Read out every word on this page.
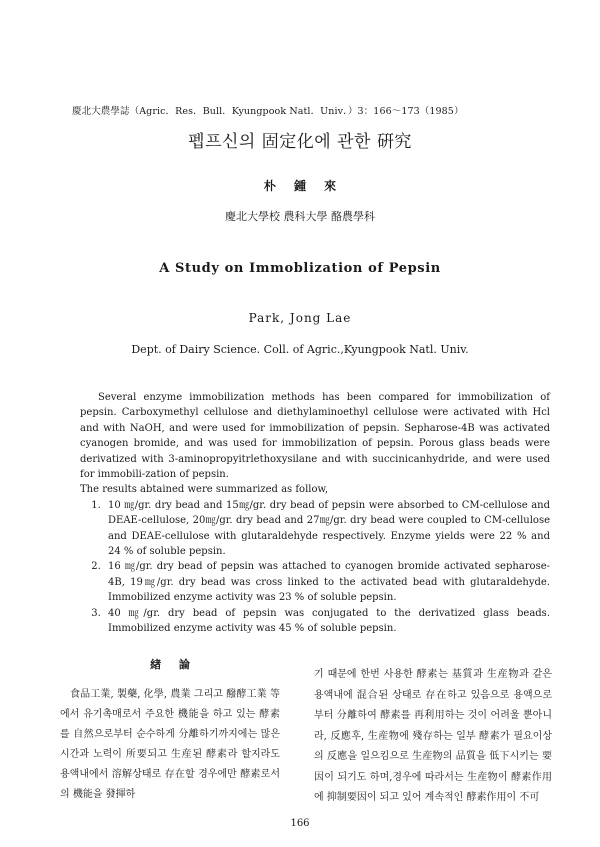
慶北大農學誌（Agric．Res．Bull．Kyungpook Natl．Univ．）3：166～173（1985）
펩프신의 固定化에 관한 硏究
朴 鍾 來
慶北大學校 農科大學 酪農學科
A Study on Immoblization of Pepsin
Park, Jong Lae
Dept. of Dairy Science. Coll. of Agric.,Kyungpook Natl. Univ.

Several enzyme immobilization methods has been compared for immobilization of pepsin. Carboxymethyl cellulose and diethylaminoethyl cellulose were activated with Hcl and with NaOH, and were used for immobilization of pepsin. Sepharose-4B was activated cyanogen bromide, and was used for immobilization of pepsin. Porous glass beads were derivatized with 3-aminopropyitrlethoxysilane and with succinicanhydride, and were used for immobili-zation of pepsin.

The results abtained were summarized as follow,

1. 10 ㎎/gr. dry bead and 15㎎/gr. dry bead of pepsin were absorbed to CM-cellulose and DEAE-cellulose, 20㎎/gr. dry bead and 27㎎/gr. dry bead were coupled to CM-cellulose and DEAE-cellulose with glutaraldehyde respectively. Enzyme yields were 22 % and 24 % of soluble pepsin.
2. 16 ㎎/gr. dry bead of pepsin was attached to cyanogen bromide activated sepharose-4B, 19㎎/gr. dry bead was cross linked to the activated bead with glutaraldehyde. Immobilized enzyme activity was 23 % of soluble pepsin.
3. 40 ㎎/gr. dry bead of pepsin was conjugated to the derivatized glass beads. Immobilized enzyme activity was 45 % of soluble pepsin.
緖 論

食品工業, 製藥, 化學, 農業 그리고 醱酵工業 等에서 유기촉매로서 주요한 機能을 하고 있는 酵素를 自然으로부터 순수하게 分離하기까지에는 많은 시간과 노력이 所要되고 生産된 酵素라 할지라도 용액내에서 溶解상태로 存在할 경우에만 酵素로서의 機能을 發揮하

기 때문에 한번 사용한 酵素는 基質과 生産物과 같은 용액내에 混合된 상태로 存在하고 있음으로 용액으로부터 分離하여 酵素를 再利用하는 것이 어려울 뿐아니라, 反應후, 生産物에 殘存하는 일부 酵素가 필요이상의 反應을 일으킴으로 生産物의 品質을 低下시키는 要因이 되기도 하며,경우에 따라서는 生産物이 酵素作用에 抑制要因이 되고 있어 계속적인 酵素作用이 不可

166
